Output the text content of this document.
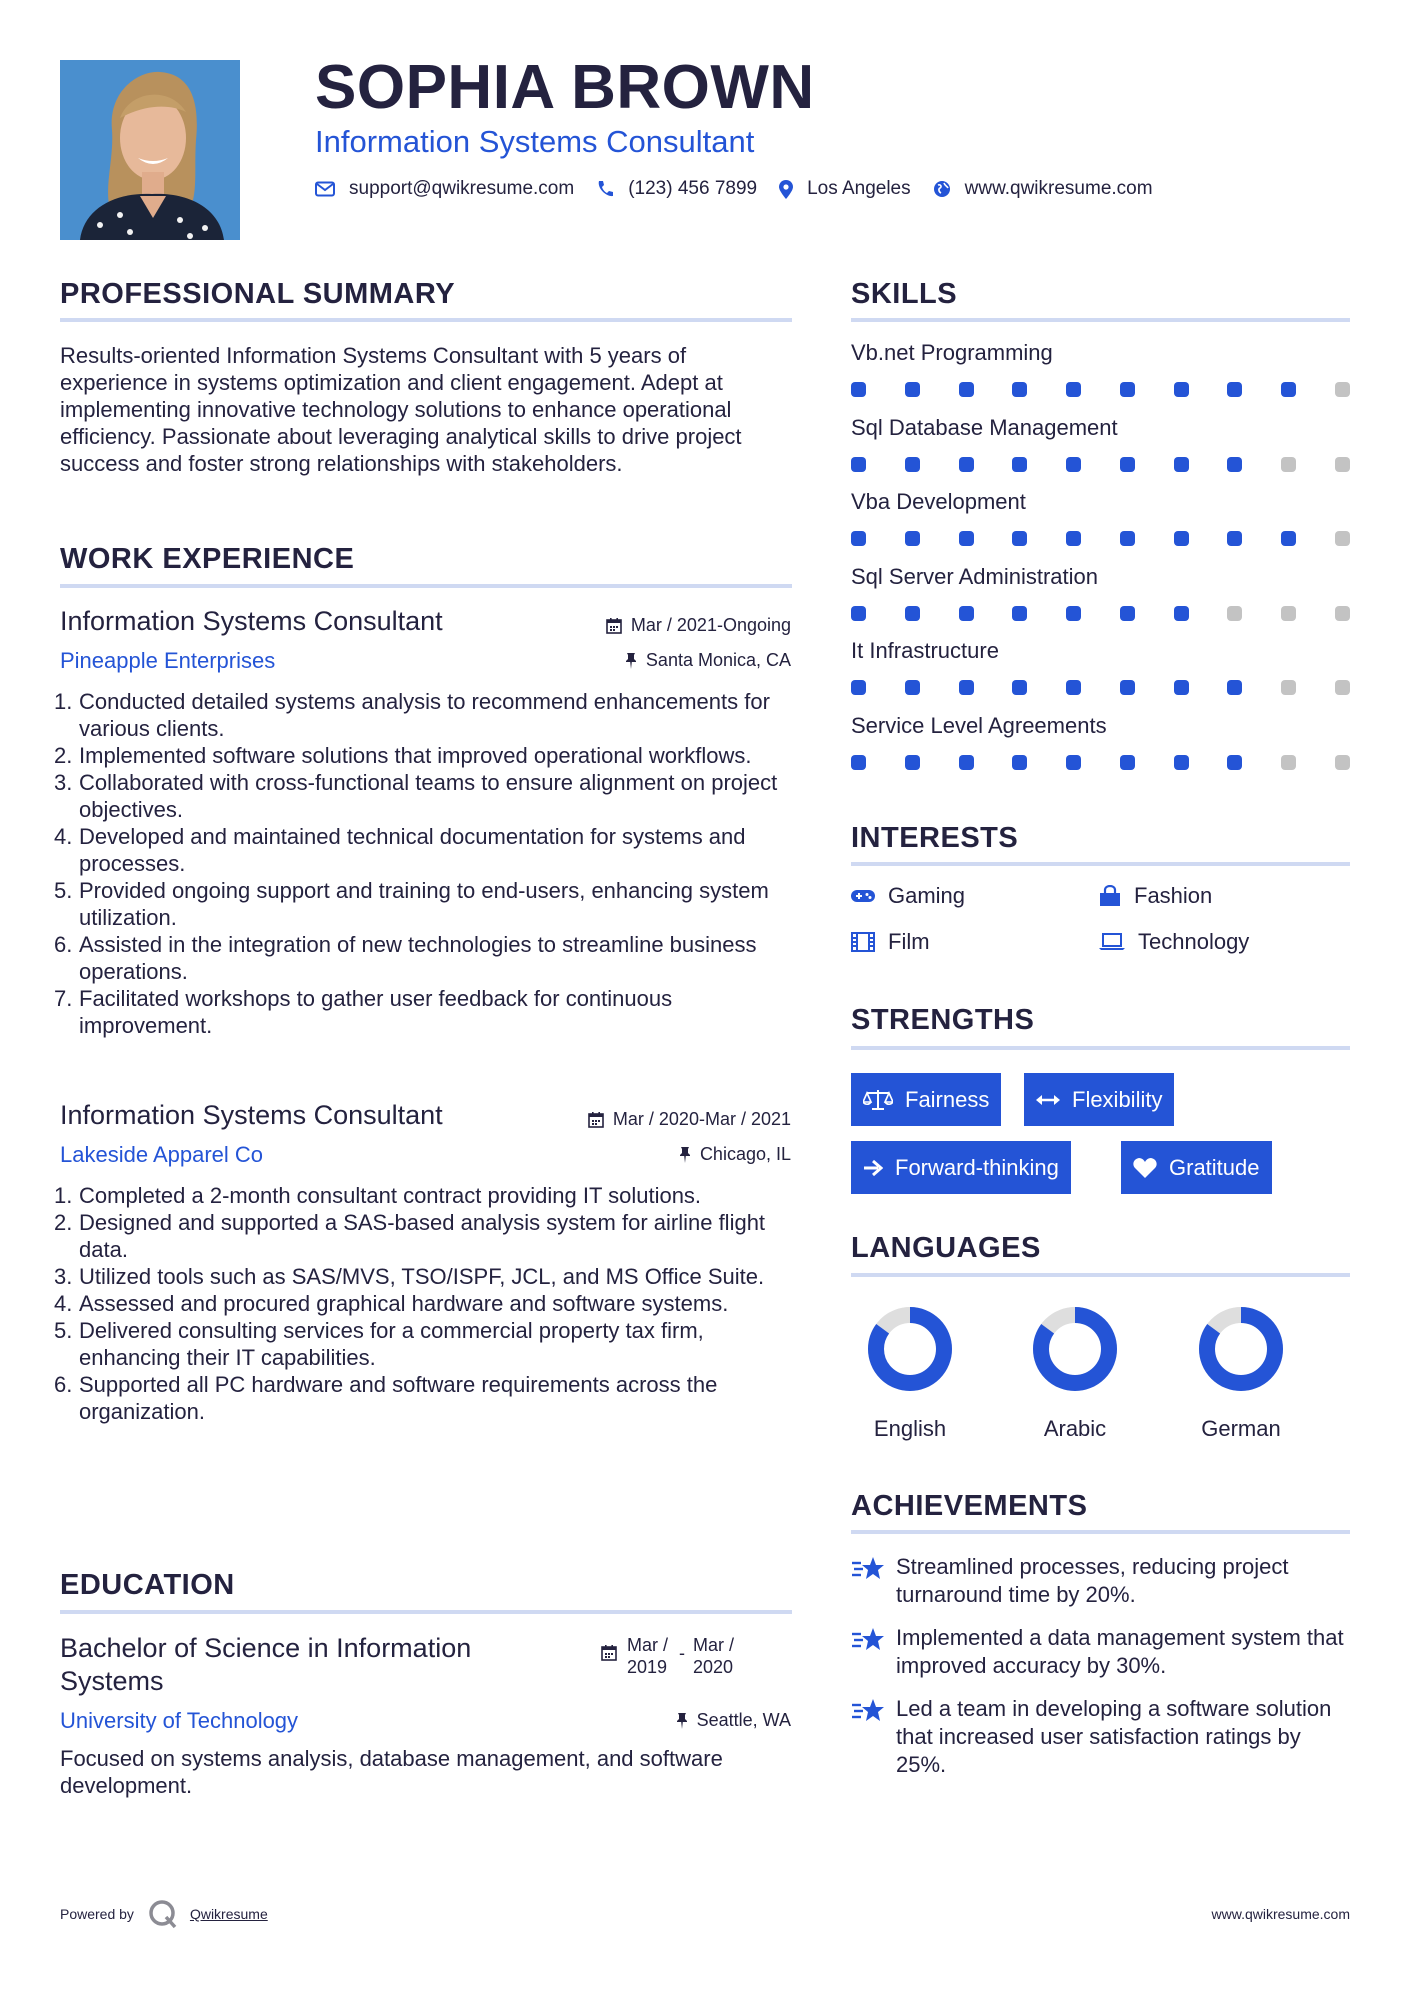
SOPHIA BROWN
Information Systems Consultant
support@qwikresume.com	(123) 456 7899	Los Angeles	www.qwikresume.com
PROFESSIONAL SUMMARY
Results-oriented Information Systems Consultant with 5 years of experience in systems optimization and client engagement. Adept at implementing innovative technology solutions to enhance operational efficiency. Passionate about leveraging analytical skills to drive project success and foster strong relationships with stakeholders.
WORK EXPERIENCE
Information Systems Consultant	Mar / 2021-Ongoing
Pineapple Enterprises	Santa Monica, CA
1. Conducted detailed systems analysis to recommend enhancements for various clients.
2. Implemented software solutions that improved operational workflows.
3. Collaborated with cross-functional teams to ensure alignment on project objectives.
4. Developed and maintained technical documentation for systems and processes.
5. Provided ongoing support and training to end-users, enhancing system utilization.
6. Assisted in the integration of new technologies to streamline business operations.
7. Facilitated workshops to gather user feedback for continuous improvement.
Information Systems Consultant	Mar / 2020-Mar / 2021
Lakeside Apparel Co	Chicago, IL
1. Completed a 2-month consultant contract providing IT solutions.
2. Designed and supported a SAS-based analysis system for airline flight data.
3. Utilized tools such as SAS/MVS, TSO/ISPF, JCL, and MS Office Suite.
4. Assessed and procured graphical hardware and software systems.
5. Delivered consulting services for a commercial property tax firm, enhancing their IT capabilities.
6. Supported all PC hardware and software requirements across the organization.
EDUCATION
Bachelor of Science in Information Systems
Mar / 2019
- Mar / 2020
University of Technology	Seattle, WA
Focused on systems analysis, database management, and software development.
SKILLS
Vb.net Programming
Sql Database Management
Vba Development
Sql Server Administration
It Infrastructure
Service Level Agreements
INTERESTS
Gaming	Fashion
Film	Technology
STRENGTHS
Fairness	Flexibility
Forward-thinking	Gratitude
LANGUAGES
English	Arabic	German
ACHIEVEMENTS
Streamlined processes, reducing project turnaround time by 20%.
Implemented a data management system that improved accuracy by 30%.
Led a team in developing a software solution that increased user satisfaction ratings by 25%.
Powered by	Qwikresume	www.qwikresume.com
